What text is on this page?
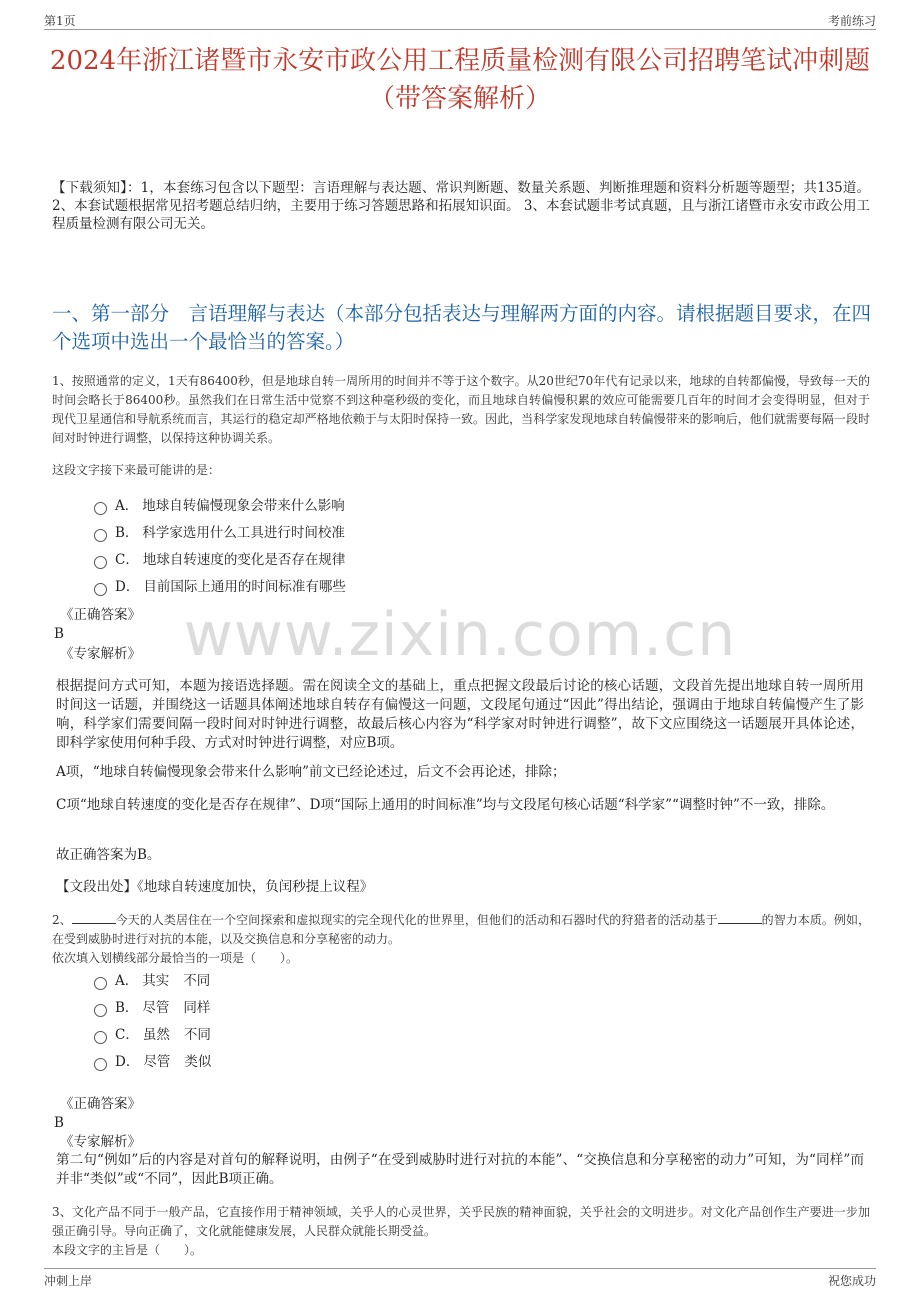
第1页	考前练习
2024年浙江诸暨市永安市政公用工程质量检测有限公司招聘笔试冲刺题（带答案解析）
【下载须知】：1，本套练习包含以下题型：言语理解与表达题、常识判断题、数量关系题、判断推理题和资料分析题等题型；共135道。 2、本套试题根据常见招考题总结归纳，主要用于练习答题思路和拓展知识面。 3、本套试题非考试真题，且与浙江诸暨市永安市政公用工程质量检测有限公司无关。
一、第一部分　言语理解与表达（本部分包括表达与理解两方面的内容。请根据题目要求，在四个选项中选出一个最恰当的答案。）
www.zixin.com.cn
1、按照通常的定义，1天有86400秒，但是地球自转一周所用的时间并不等于这个数字。从20世纪70年代有记录以来，地球的自转都偏慢，导致每一天的时间会略长于86400秒。虽然我们在日常生活中觉察不到这种毫秒级的变化，而且地球自转偏慢积累的效应可能需要几百年的时间才会变得明显，但对于现代卫星通信和导航系统而言，其运行的稳定却严格地依赖于与太阳时保持一致。因此，当科学家发现地球自转偏慢带来的影响后，他们就需要每隔一段时间对时钟进行调整，以保持这种协调关系。
这段文字接下来最可能讲的是：
A． 地球自转偏慢现象会带来什么影响
B． 科学家选用什么工具进行时间校准
C． 地球自转速度的变化是否存在规律
D． 目前国际上通用的时间标准有哪些
《正确答案》
B
《专家解析》
根据提问方式可知，本题为接语选择题。需在阅读全文的基础上，重点把握文段最后讨论的核心话题，文段首先提出地球自转一周所用时间这一话题，并围绕这一话题具体阐述地球自转存有偏慢这一问题，文段尾句通过“因此”得出结论，强调由于地球自转偏慢产生了影响，科学家们需要间隔一段时间对时钟进行调整，故最后核心内容为“科学家对时钟进行调整”，故下文应围绕这一话题展开具体论述，即科学家使用何种手段、方式对时钟进行调整，对应B项。
A项，“地球自转偏慢现象会带来什么影响”前文已经论述过，后文不会再论述，排除；
C项“地球自转速度的变化是否存在规律”、D项“国际上通用的时间标准”均与文段尾句核心话题“科学家”“调整时钟”不一致，排除。
故正确答案为B。
【文段出处】《地球自转速度加快，负闰秒提上议程》
2、	今天的人类居住在一个空间探索和虚拟现实的完全现代化的世界里，但他们的活动和石器时代的狩猎者的活动基于	的智力本质。例如，在受到威胁时进行对抗的本能，以及交换信息和分享秘密的动力。
依次填入划横线部分最恰当的一项是（　　）。
A． 其实 不同
B． 尽管 同样
C． 虽然 不同
D． 尽管 类似
《正确答案》
B
《专家解析》
第二句“例如”后的内容是对首句的解释说明，由例子“在受到威胁时进行对抗的本能”、“交换信息和分享秘密的动力”可知，为“同样”而并非“类似”或“不同”，因此B项正确。
3、文化产品不同于一般产品，它直接作用于精神领域，关乎人的心灵世界，关乎民族的精神面貌，关乎社会的文明进步。对文化产品创作生产要进一步加强正确引导。导向正确了，文化就能健康发展，人民群众就能长期受益。
本段文字的主旨是（　　）。
冲刺上岸	祝您成功
